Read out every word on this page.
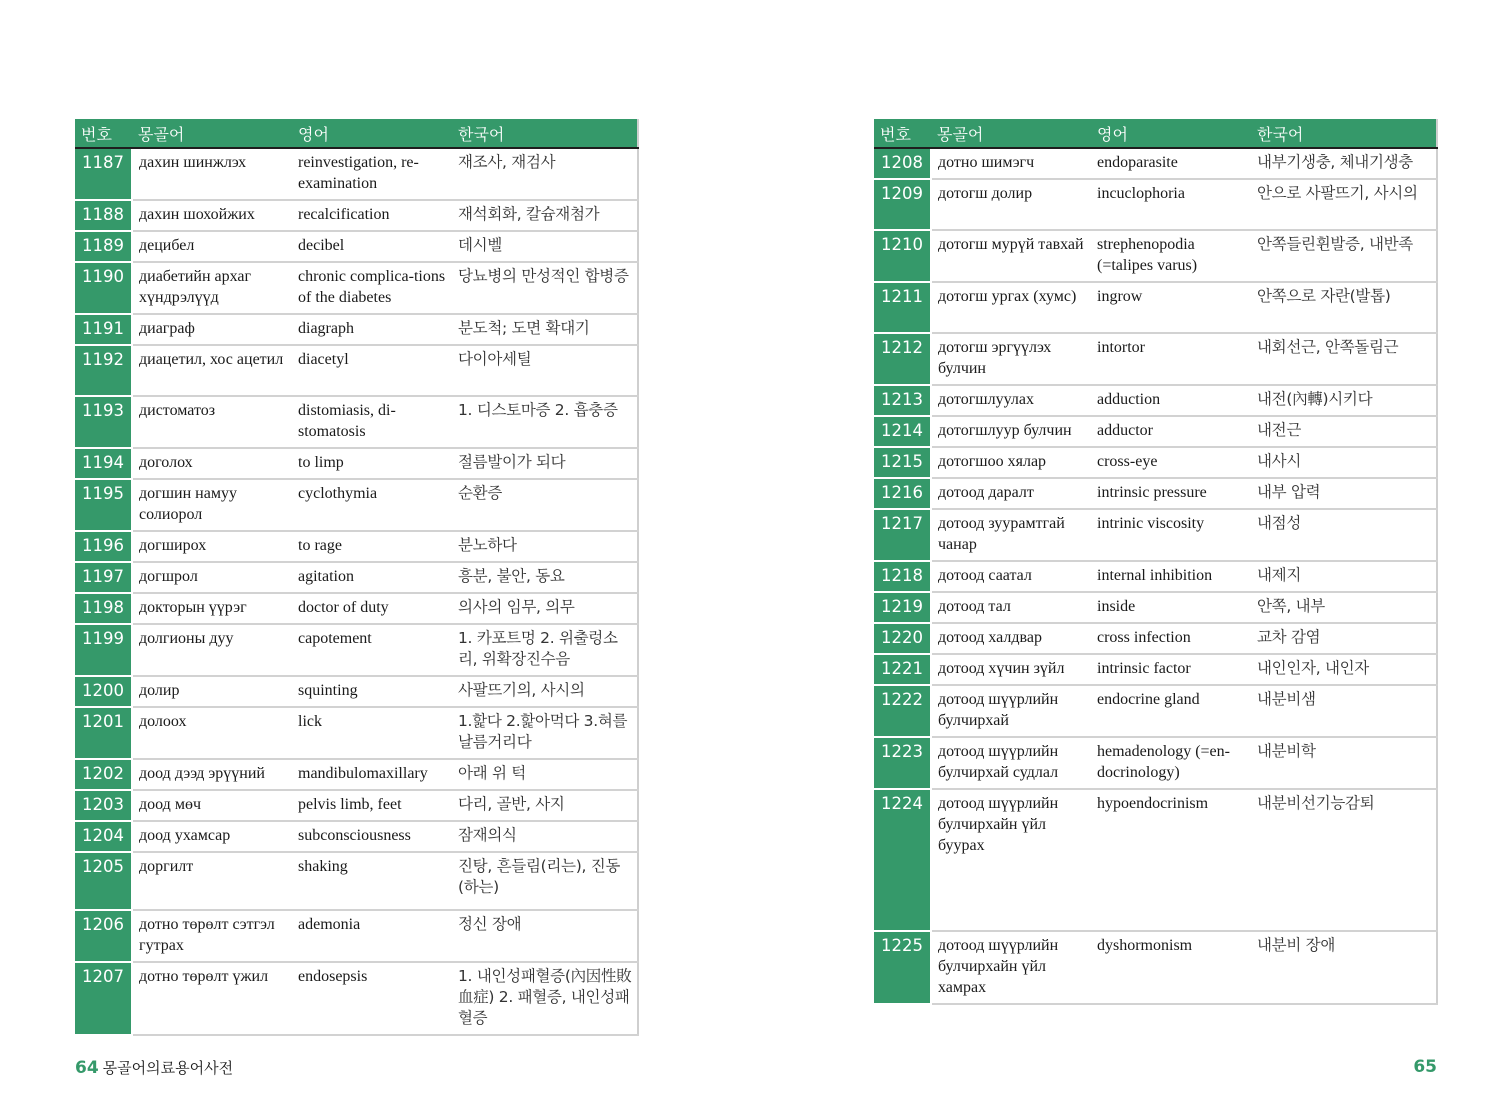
번호	몽골어	영어	한국어
1187	дахин шинжлэх	reinvestigation, re-examination	재조사, 재검사
1188	дахин шохойжих	recalcification	재석회화, 칼슘재첨가
1189	децибел	decibel	데시벨
1190	диабетийн архаг хүндрэлүүд	chronic complica-tions of the diabetes	당뇨병의 만성적인 합병증
1191	диаграф	diagraph	분도척; 도면 확대기
1192	диацетил, хос ацетил	diacetyl	다이아세틸
1193	дистоматоз	distomiasis, di-stomatosis	1. 디스토마증 2. 흡충증
1194	доголох	to limp	절름발이가 되다
1195	догшин намуу солиорол	cyclothymia	순환증
1196	догширох	to rage	분노하다
1197	догшрол	agitation	흥분, 불안, 동요
1198	докторын үүрэг	doctor of duty	의사의 임무, 의무
1199	долгионы дуу	capotement	1. 카포트멍 2. 위출렁소리, 위확장진수음
1200	долир	squinting	사팔뜨기의, 사시의
1201	долоох	lick	1.핥다 2.핥아먹다 3.혀를 날름거리다
1202	доод дээд эрүүний	mandibulomaxillary	아래 위 턱
1203	доод мөч	pelvis limb, feet	다리, 골반, 사지
1204	доод ухамсар	subconsciousness	잠재의식
1205	доргилт	shaking	진탕, 흔들림(리는), 진동(하는)
1206	дотно төрөлт сэтгэл гутрах	ademonia	정신 장애
1207	дотно төрөлт үжил	endosepsis	1. 내인성패혈증(內因性敗血症) 2. 패혈증, 내인성패혈증
번호	몽골어	영어	한국어
1208	дотно шимэгч	endoparasite	내부기생충, 체내기생충
1209	дотогш долир	incuclophoria	안으로 사팔뜨기, 사시의
1210	дотогш мурүй тавхай	strephenopodia (=talipes varus)	안쪽들린휜발증, 내반족
1211	дотогш ургах (хумс)	ingrow	안쪽으로 자란(발톱)
1212	дотогш эргүүлэх булчин	intortor	내회선근, 안쪽돌림근
1213	дотогшлуулах	adduction	내전(內轉)시키다
1214	дотогшлуур булчин	adductor	내전근
1215	дотогшоо хялар	cross-eye	내사시
1216	дотоод даралт	intrinsic pressure	내부 압력
1217	дотоод зуурамтгай чанар	intrinic viscosity	내점성
1218	дотоод саатал	internal inhibition	내제지
1219	дотоод тал	inside	안쪽, 내부
1220	дотоод халдвар	cross infection	교차 감염
1221	дотоод хүчин зүйл	intrinsic factor	내인인자, 내인자
1222	дотоод шүүрлийн булчирхай	endocrine gland	내분비샘
1223	дотоод шүүрлийн булчирхай судлал	hemadenology (=en-docrinology)	내분비학
1224	дотоод шүүрлийн булчирхайн үйл буурах	hypoendocrinism	내분비선기능감퇴
1225	дотоод шүүрлийн булчирхайн үйл хамрах	dyshormonism	내분비 장애
64 몽골어의료용어사전	65
